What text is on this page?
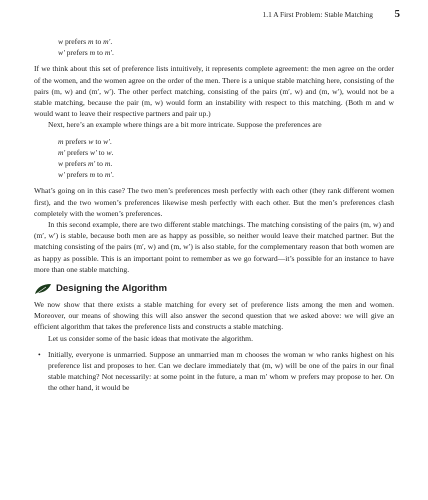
1.1 A First Problem: Stable Matching 5
w prefers m to m′.
w′ prefers m to m′.

If we think about this set of preference lists intuitively, it represents complete agreement: the men agree on the order of the women, and the women agree on the order of the men. There is a unique stable matching here, consisting of the pairs (m, w) and (m′, w′). The other perfect matching, consisting of the pairs (m′, w) and (m, w′), would not be a stable matching, because the pair (m, w) would form an instability with respect to this matching. (Both m and w would want to leave their respective partners and pair up.)

Next, here’s an example where things are a bit more intricate. Suppose the preferences are

m prefers w to w′.
m′ prefers w′ to w.
w prefers m′ to m.
w′ prefers m to m′.

What’s going on in this case? The two men’s preferences mesh perfectly with each other (they rank different women first), and the two women’s preferences likewise mesh perfectly with each other. But the men’s preferences clash completely with the women’s preferences.

In this second example, there are two different stable matchings. The matching consisting of the pairs (m, w) and (m′, w′) is stable, because both men are as happy as possible, so neither would leave their matched partner. But the matching consisting of the pairs (m′, w) and (m, w′) is also stable, for the complementary reason that both women are as happy as possible. This is an important point to remember as we go forward—it’s possible for an instance to have more than one stable matching.

Designing the Algorithm

We now show that there exists a stable matching for every set of preference lists among the men and women. Moreover, our means of showing this will also answer the second question that we asked above: we will give an efficient algorithm that takes the preference lists and constructs a stable matching.

Let us consider some of the basic ideas that motivate the algorithm.

• Initially, everyone is unmarried. Suppose an unmarried man m chooses the woman w who ranks highest on his preference list and proposes to her. Can we declare immediately that (m, w) will be one of the pairs in our final stable matching? Not necessarily: at some point in the future, a man m′ whom w prefers may propose to her. On the other hand, it would be
